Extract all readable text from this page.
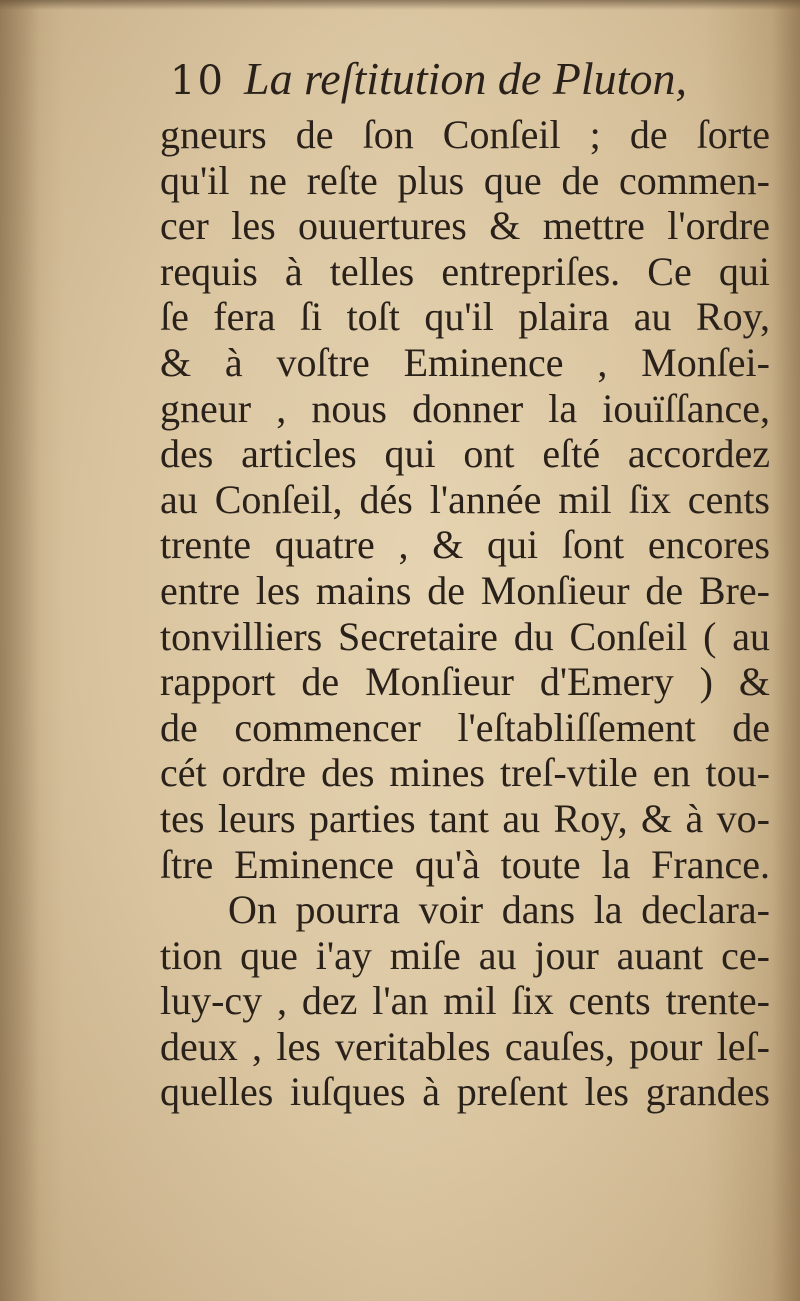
10 La reſtitution de Pluton,
gneurs de ſon Conſeil ; de ſorte
qu'il ne reſte plus que de commen-
cer les ouuertures & mettre l'ordre
requis à telles entrepriſes. Ce qui
ſe fera ſi toſt qu'il plaira au Roy,
& à voſtre Eminence , Monſei-
gneur , nous donner la iouïſſance,
des articles qui ont eſté accordez
au Conſeil, dés l'année mil ſix cents
trente quatre , & qui ſont encores
entre les mains de Monſieur de Bre-
tonvilliers Secretaire du Conſeil ( au
rapport de Monſieur d'Emery ) &
de commencer l'eſtabliſſement de
cét ordre des mines treſ-vtile en tou-
tes leurs parties tant au Roy, & à vo-
ſtre Eminence qu'à toute la France.
On pourra voir dans la declara-
tion que i'ay miſe au jour auant ce-
luy-cy , dez l'an mil ſix cents trente-
deux , les veritables cauſes, pour leſ-
quelles iuſques à preſent les grandes
